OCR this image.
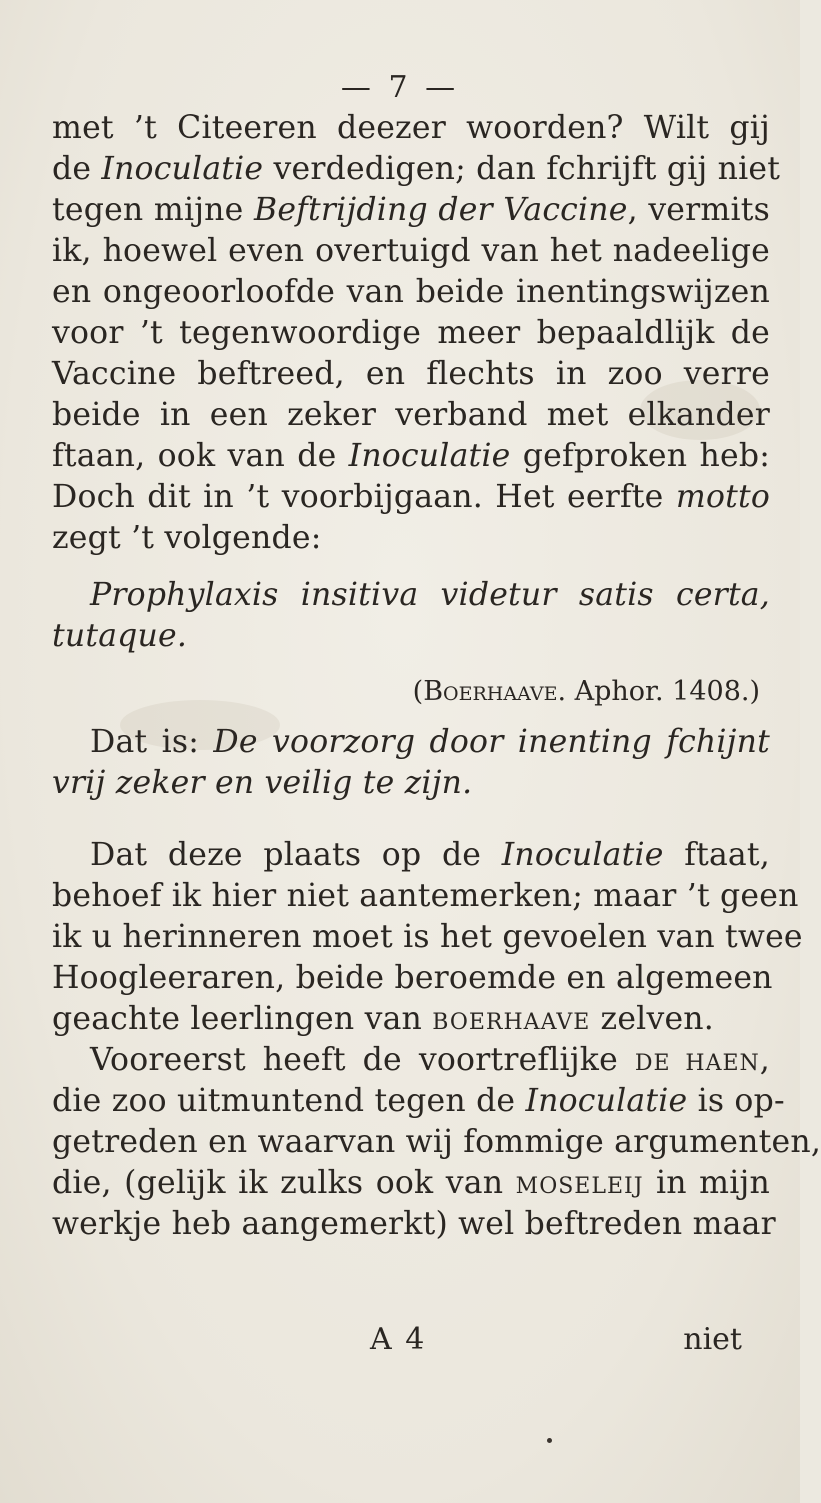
— 7 —
met ’t Citeeren deezer woorden? Wilt gij
de Inoculatie verdedigen; dan fchrijft gij niet
tegen mijne Beftrijding der Vaccine, vermits
ik, hoewel even overtuigd van het nadeelige
en ongeoorloofde van beide inentingswijzen
voor ’t tegenwoordige meer bepaaldlijk de
Vaccine beftreed, en flechts in zoo verre
beide in een zeker verband met elkander
ftaan, ook van de Inoculatie gefproken heb:
Doch dit in ’t voorbijgaan. Het eerfte motto
zegt ’t volgende:
Prophylaxis insitiva videtur satis certa,
tutaque.
(Boerhaave. Aphor. 1408.)
Dat is: De voorzorg door inenting fchijnt
vrij zeker en veilig te zijn.
Dat deze plaats op de Inoculatie ftaat,
behoef ik hier niet aantemerken; maar ’t geen
ik u herinneren moet is het gevoelen van twee
Hoogleeraren, beide beroemde en algemeen
geachte leerlingen van BOERHAAVE zelven.
Vooreerst heeft de voortreflijke DE HAEN,
die zoo uitmuntend tegen de Inoculatie is op-
getreden en waarvan wij fommige argumenten,
die, (gelijk ik zulks ook van MOSELEIJ in mijn
werkje heb aangemerkt) wel beftreden maar
A 4	niet
